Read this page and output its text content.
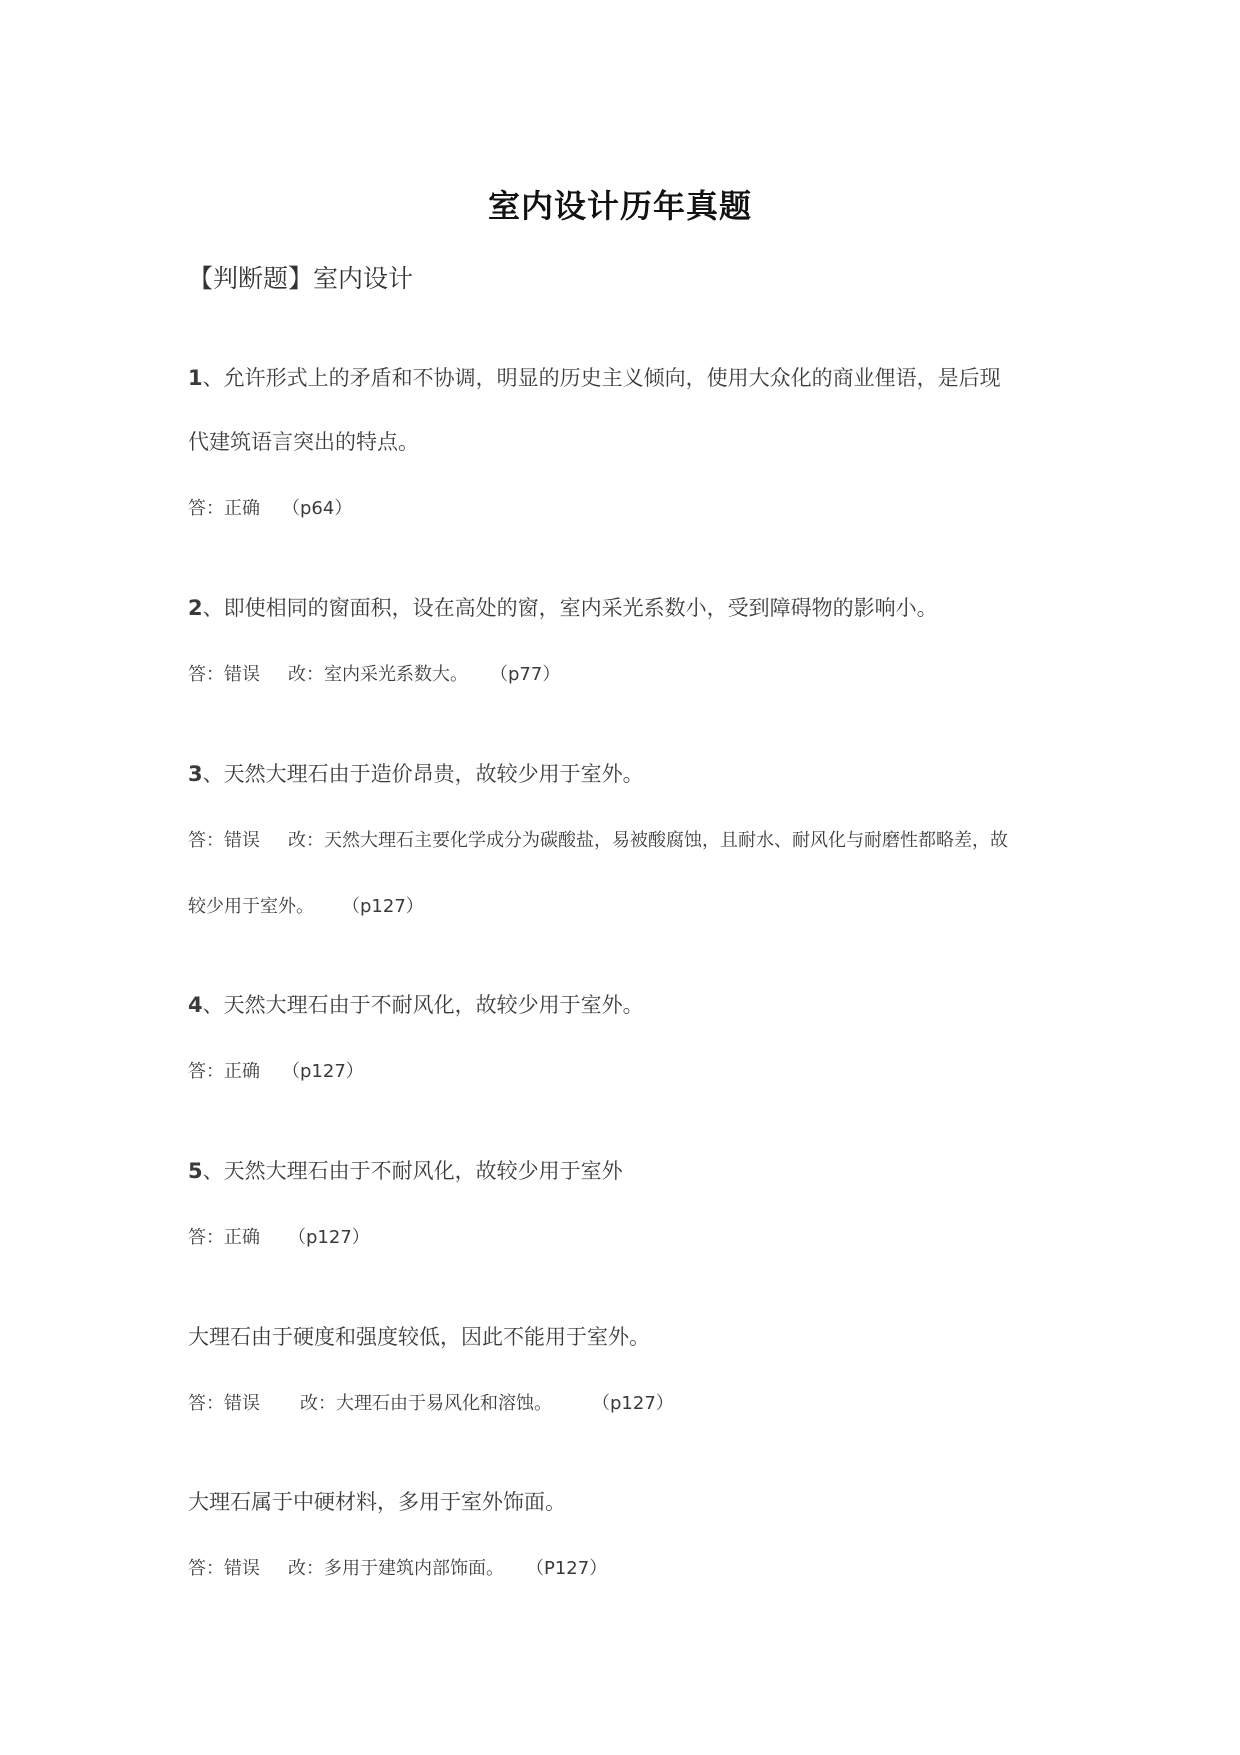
室内设计历年真题
【判断题】室内设计
1、允许形式上的矛盾和不协调，明显的历史主义倾向，使用大众化的商业俚语，是后现
代建筑语言突出的特点。
答：正确 （p64）
2、即使相同的窗面积，设在高处的窗，室内采光系数小，受到障碍物的影响小。
答：错误 改：室内采光系数大。 （p77）
3、天然大理石由于造价昂贵，故较少用于室外。
答：错误 改：天然大理石主要化学成分为碳酸盐，易被酸腐蚀，且耐水、耐风化与耐磨性都略差，故
较少用于室外。 （p127）
4、天然大理石由于不耐风化，故较少用于室外。
答：正确 （p127）
5、天然大理石由于不耐风化，故较少用于室外
答：正确 （p127）
大理石由于硬度和强度较低，因此不能用于室外。
答：错误 改：大理石由于易风化和溶蚀。 （p127）
大理石属于中硬材料，多用于室外饰面。
答：错误 改：多用于建筑内部饰面。 （P127）
